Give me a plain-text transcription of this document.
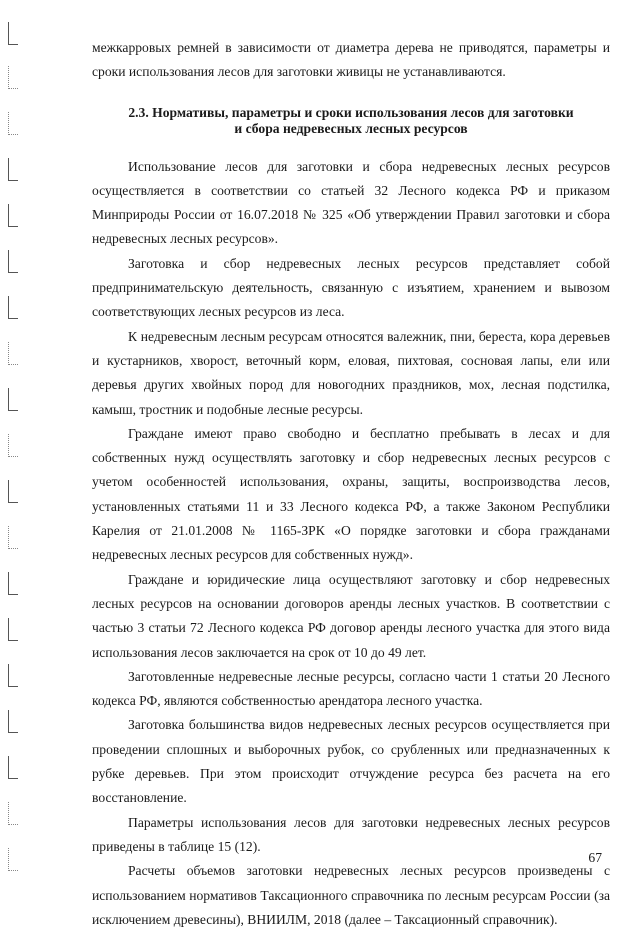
межкарровых ремней в зависимости от диаметра дерева не приводятся, параметры и сроки использования лесов для заготовки живицы не устанавливаются.

2.3. Нормативы, параметры и сроки использования лесов для заготовки
и сбора недревесных лесных ресурсов

Использование лесов для заготовки и сбора недревесных лесных ресурсов осуществляется в соответствии со статьей 32 Лесного кодекса РФ и приказом Минприроды России от 16.07.2018 № 325 «Об утверждении Правил заготовки и сбора недревесных лесных ресурсов».

Заготовка и сбор недревесных лесных ресурсов представляет собой предпринимательскую деятельность, связанную с изъятием, хранением и вывозом соответствующих лесных ресурсов из леса.

К недревесным лесным ресурсам относятся валежник, пни, береста, кора деревьев и кустарников, хворост, веточный корм, еловая, пихтовая, сосновая лапы, ели или деревья других хвойных пород для новогодних праздников, мох, лесная подстилка, камыш, тростник и подобные лесные ресурсы.

Граждане имеют право свободно и бесплатно пребывать в лесах и для собственных нужд осуществлять заготовку и сбор недревесных лесных ресурсов с учетом особенностей использования, охраны, защиты, воспроизводства лесов, установленных статьями 11 и 33 Лесного кодекса РФ, а также Законом Республики Карелия от 21.01.2008 № 1165-ЗРК «О порядке заготовки и сбора гражданами недревесных лесных ресурсов для собственных нужд».

Граждане и юридические лица осуществляют заготовку и сбор недревесных лесных ресурсов на основании договоров аренды лесных участков. В соответствии с частью 3 статьи 72 Лесного кодекса РФ договор аренды лесного участка для этого вида использования лесов заключается на срок от 10 до 49 лет.

Заготовленные недревесные лесные ресурсы, согласно части 1 статьи 20 Лесного кодекса РФ, являются собственностью арендатора лесного участка.

Заготовка большинства видов недревесных лесных ресурсов осуществляется при проведении сплошных и выборочных рубок, со срубленных или предназначенных к рубке деревьев. При этом происходит отчуждение ресурса без расчета на его восстановление.

Параметры использования лесов для заготовки недревесных лесных ресурсов приведены в таблице 15 (12).

Расчеты объемов заготовки недревесных лесных ресурсов произведены с использованием нормативов Таксационного справочника по лесным ресурсам России (за исключением древесины), ВНИИЛМ, 2018 (далее – Таксационный справочник).

67
